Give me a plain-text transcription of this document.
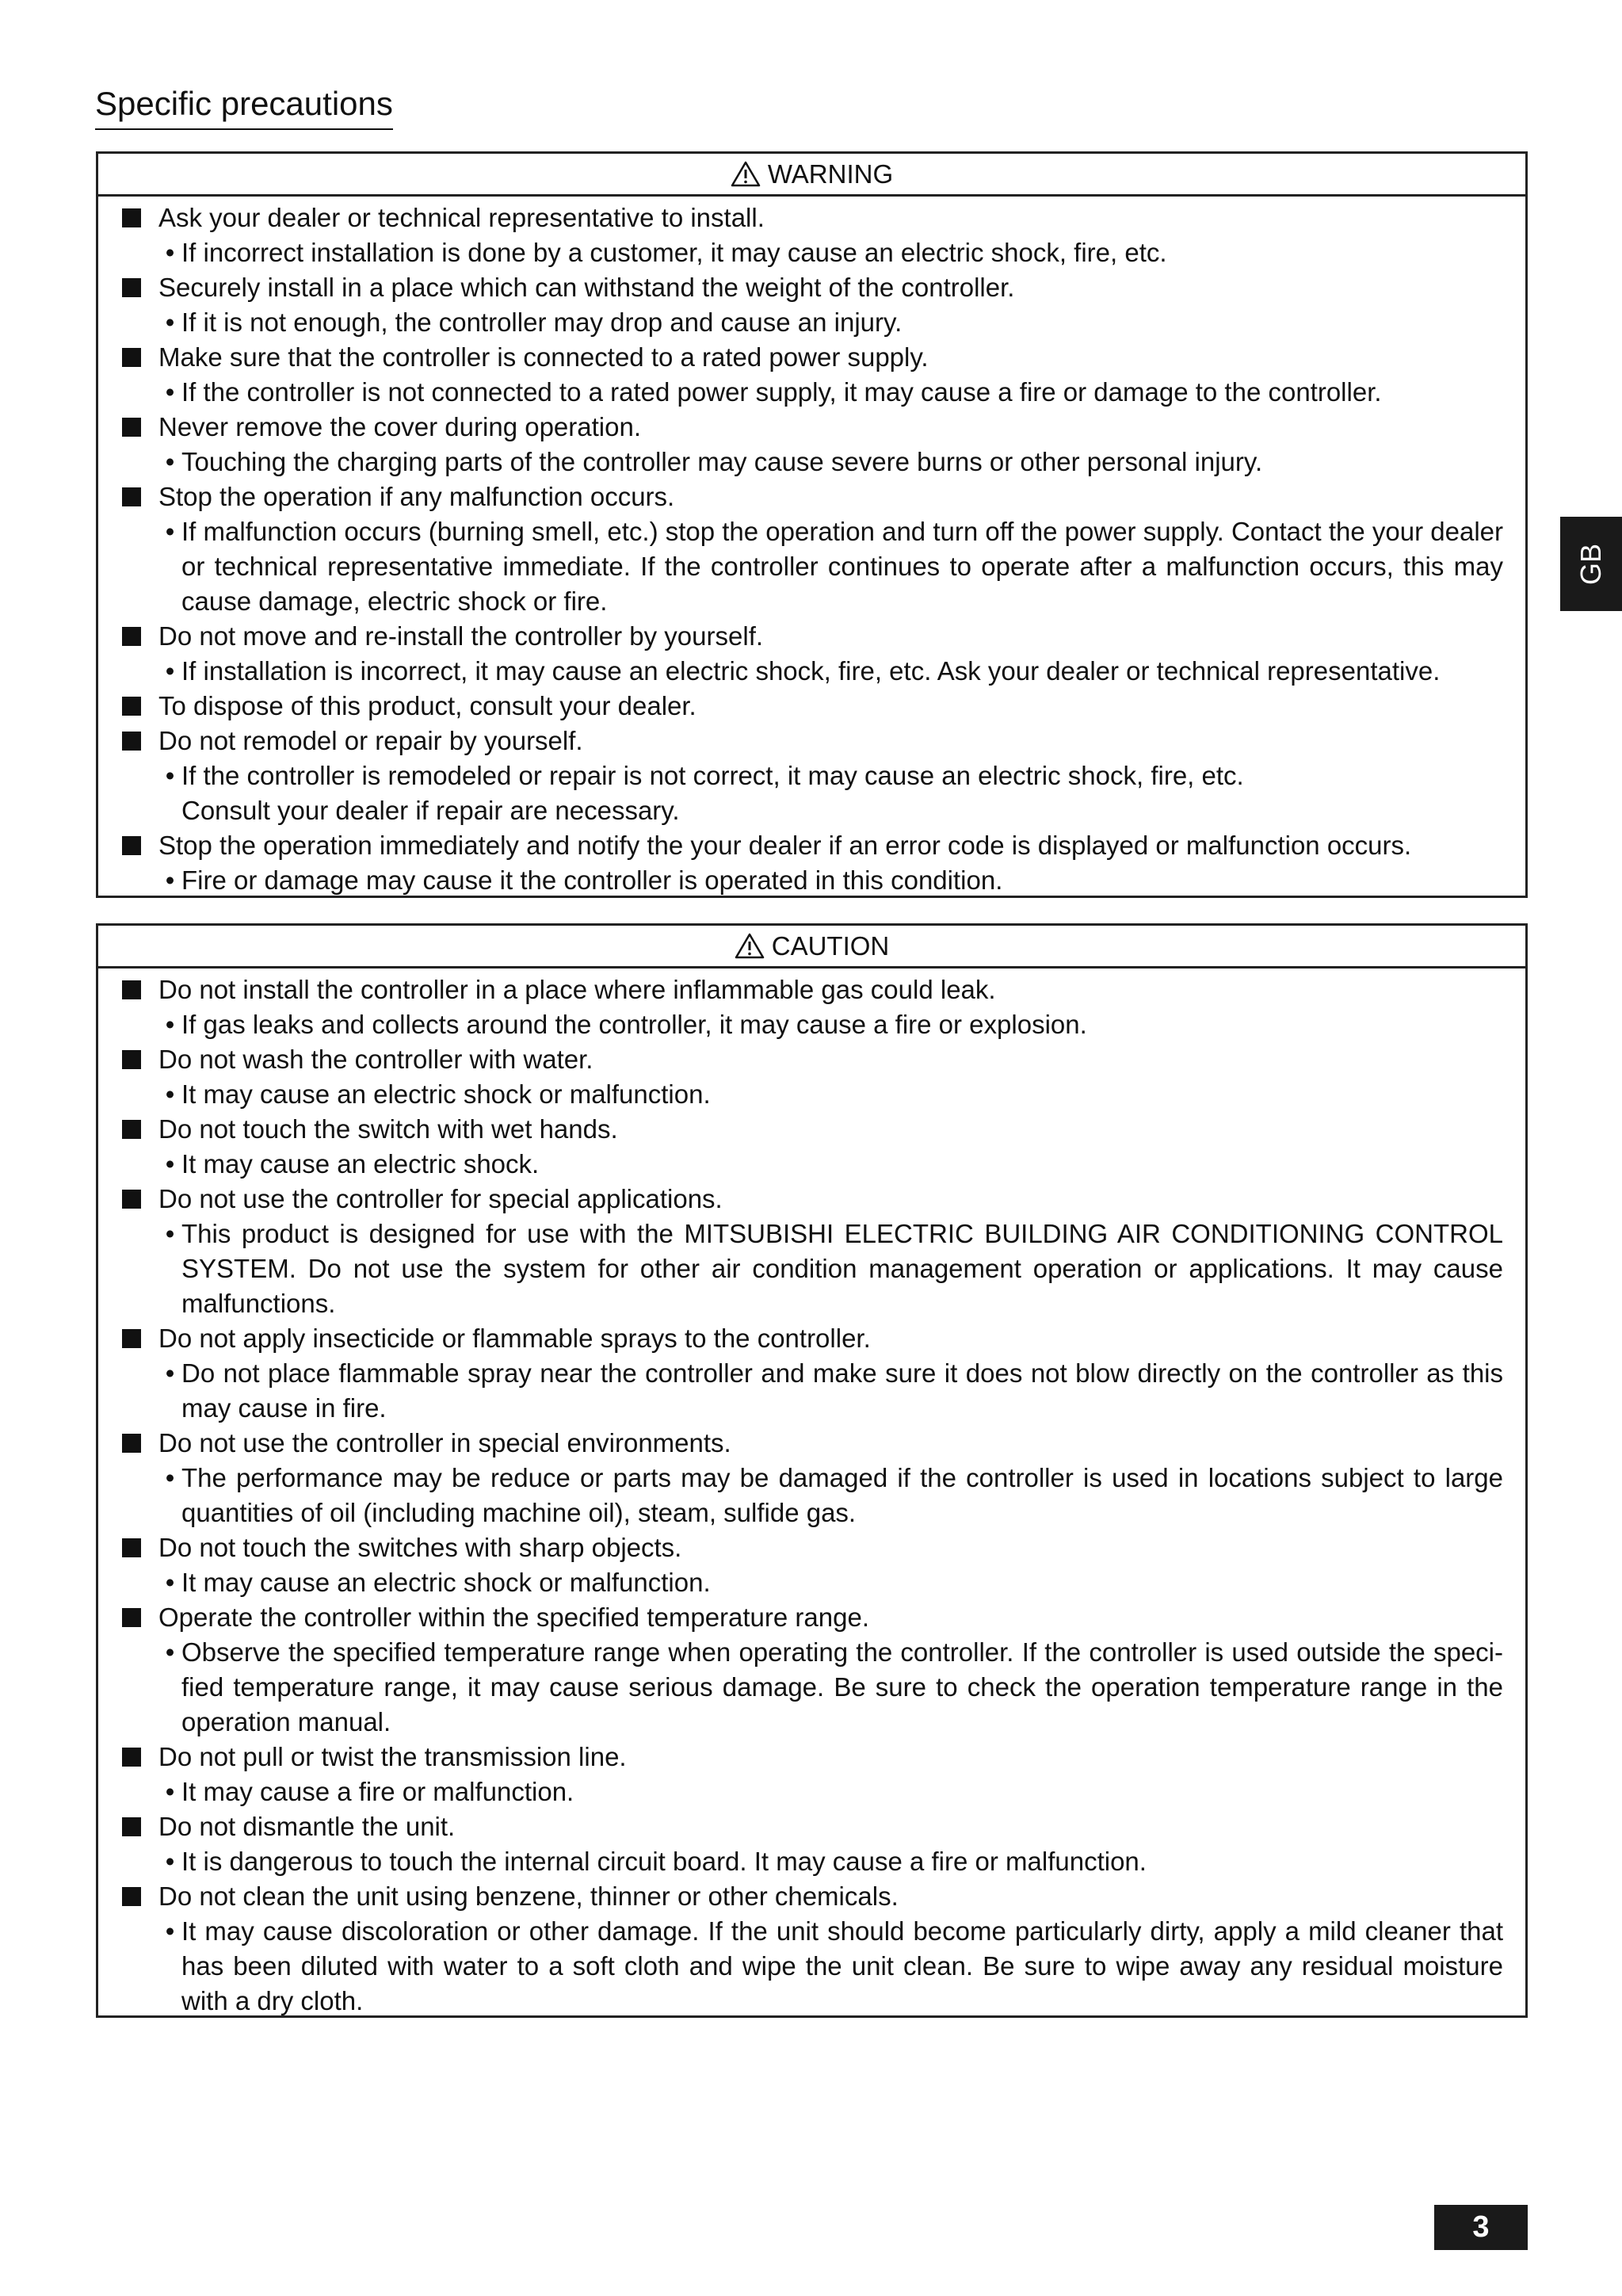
Specific precautions
WARNING
Ask your dealer or technical representative to install.
• If incorrect installation is done by a customer, it may cause an electric shock, fire, etc.
Securely install in a place which can withstand the weight of the controller.
• If it is not enough, the controller may drop and cause an injury.
Make sure that the controller is connected to a rated power supply.
• If the controller is not connected to a rated power supply, it may cause a fire or damage to the controller.
Never remove the cover during operation.
• Touching the charging parts of the controller may cause severe burns or other personal injury.
Stop the operation if any malfunction occurs.
• If malfunction occurs (burning smell, etc.) stop the operation and turn off the power supply. Contact the your dealer or technical representative immediate. If the controller continues to operate after a malfunction occurs, this may cause damage, electric shock or fire.
Do not move and re-install the controller by yourself.
• If installation is incorrect, it may cause an electric shock, fire, etc. Ask your dealer or technical representative.
To dispose of this product, consult your dealer.
Do not remodel or repair by yourself.
• If the controller is remodeled or repair is not correct, it may cause an electric shock, fire, etc.
Consult your dealer if repair are necessary.
Stop the operation immediately and notify the your dealer if an error code is displayed or malfunction occurs.
• Fire or damage may cause it the controller is operated in this condition.
CAUTION
Do not install the controller in a place where inflammable gas could leak.
• If gas leaks and collects around the controller, it may cause a fire or explosion.
Do not wash the controller with water.
• It may cause an electric shock or malfunction.
Do not touch the switch with wet hands.
• It may cause an electric shock.
Do not use the controller for special applications.
• This product is designed for use with the MITSUBISHI ELECTRIC BUILDING AIR CONDITIONING CONTROL SYSTEM. Do not use the system for other air condition management operation or applications. It may cause malfunctions.
Do not apply insecticide or flammable sprays to the controller.
• Do not place flammable spray near the controller and make sure it does not blow directly on the controller as this may cause in fire.
Do not use the controller in special environments.
• The performance may be reduce or parts may be damaged if the controller is used in locations subject to large quantities of oil (including machine oil), steam, sulfide gas.
Do not touch the switches with sharp objects.
• It may cause an electric shock or malfunction.
Operate the controller within the specified temperature range.
• Observe the specified temperature range when operating the controller. If the controller is used outside the speci-fied temperature range, it may cause serious damage. Be sure to check the operation temperature range in the operation manual.
Do not pull or twist the transmission line.
• It may cause a fire or malfunction.
Do not dismantle the unit.
• It is dangerous to touch the internal circuit board. It may cause a fire or malfunction.
Do not clean the unit using benzene, thinner or other chemicals.
• It may cause discoloration or other damage. If the unit should become particularly dirty, apply a mild cleaner that has been diluted with water to a soft cloth and wipe the unit clean. Be sure to wipe away any residual moisture with a dry cloth.
GB
3
